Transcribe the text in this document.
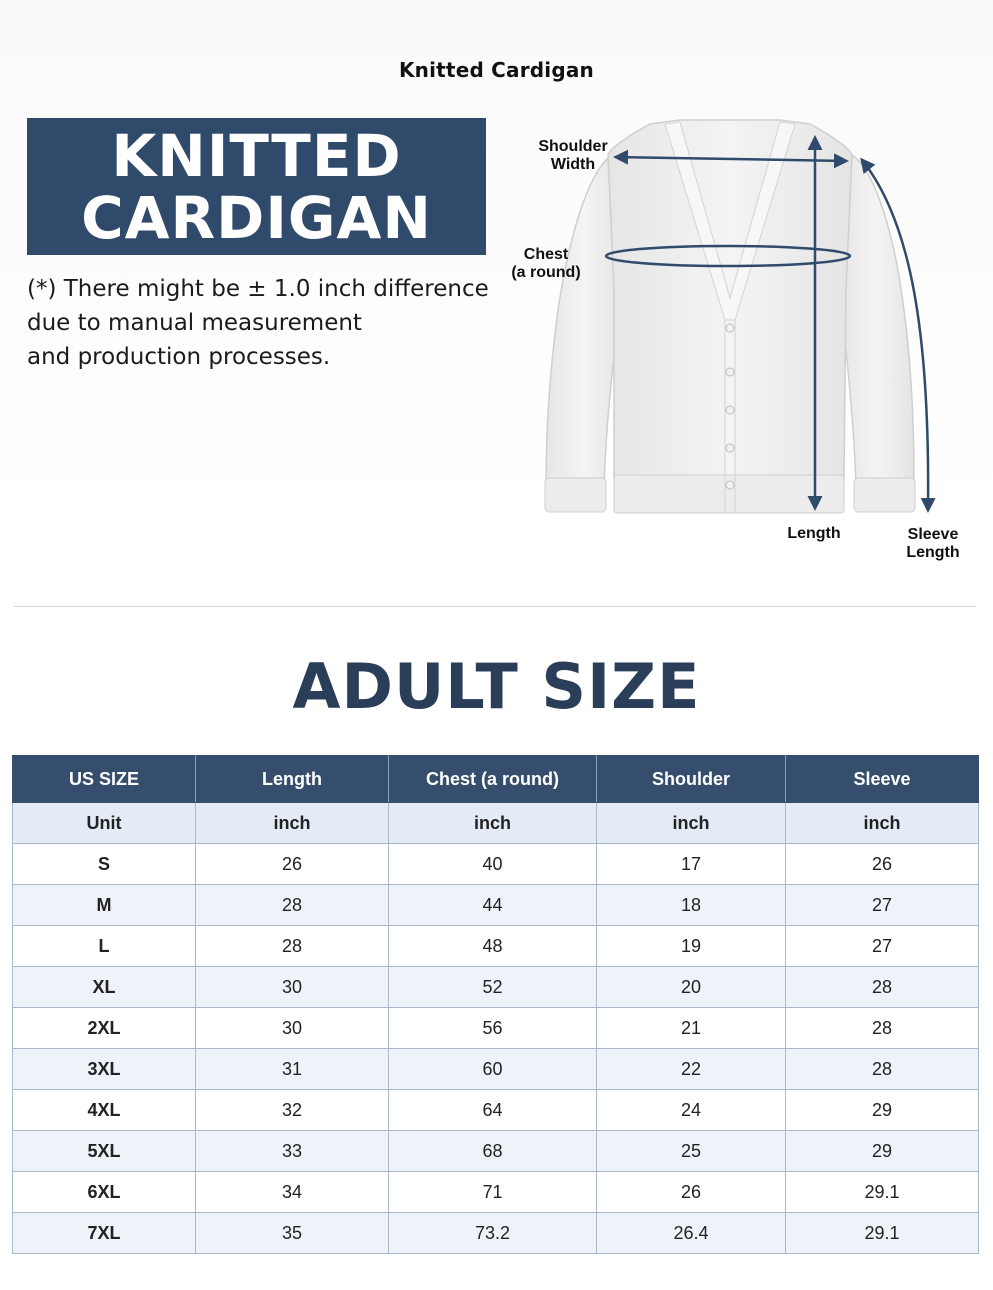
Knitted Cardigan
KNITTED
CARDIGAN
(*) There might be ± 1.0 inch difference
due to manual measurement
and production processes.
Shoulder
Width
Chest
(a round)
Length	Sleeve
Length
ADULT SIZE
US SIZE	Length	Chest (a round)	Shoulder	Sleeve
Unit	inch	inch	inch	inch
S	26	40	17	26
M	28	44	18	27
L	28	48	19	27
XL	30	52	20	28
2XL	30	56	21	28
3XL	31	60	22	28
4XL	32	64	24	29
5XL	33	68	25	29
6XL	34	71	26	29.1
7XL	35	73.2	26.4	29.1
